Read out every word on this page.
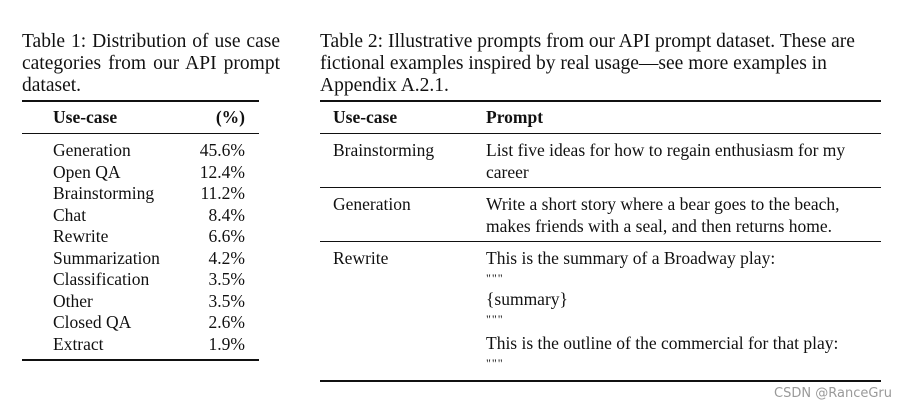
Table 1: Distribution of use case categories from our API prompt dataset.
Use-case	(%)
Generation	45.6%
Open QA	12.4%
Brainstorming	11.2%
Chat	8.4%
Rewrite	6.6%
Summarization	4.2%
Classification	3.5%
Other	3.5%
Closed QA	2.6%
Extract	1.9%
Table 2: Illustrative prompts from our API prompt dataset. These are fictional examples inspired by real usage—see more examples in Appendix A.2.1.
Use-case	Prompt
Brainstorming	List five ideas for how to regain enthusiasm for my career
Generation	Write a short story where a bear goes to the beach, makes friends with a seal, and then returns home.
Rewrite	This is the summary of a Broadway play:
"""
{summary}
"""
This is the outline of the commercial for that play:
"""
CSDN @RanceGru
